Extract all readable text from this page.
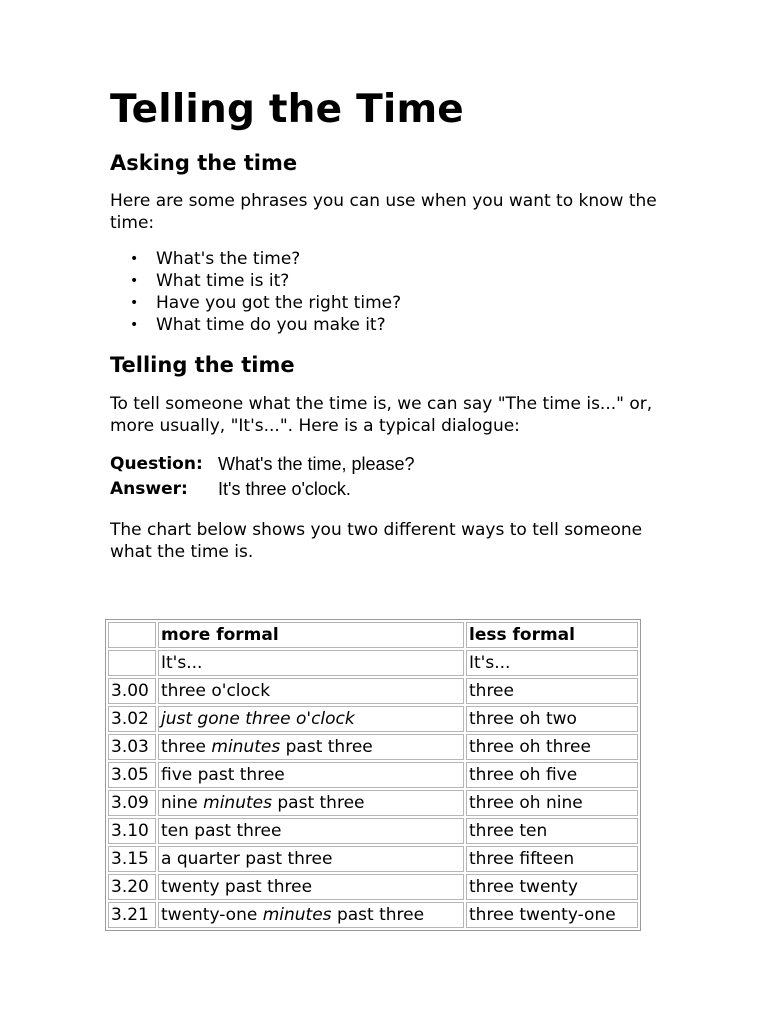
Telling the Time
Asking the time

Here are some phrases you can use when you want to know the time:

• What's the time?
• What time is it?
• Have you got the right time?
• What time do you make it?
Telling the time

To tell someone what the time is, we can say "The time is..." or, more usually, "It's...". Here is a typical dialogue:

Question: What's the time, please?
Answer:	It's three o'clock.

The chart below shows you two different ways to tell someone what the time is.

	more formal	less formal
	It's...	It's...
3.00	three o'clock	three
3.02	just gone three o'clock	three oh two
3.03	three minutes past three	three oh three
3.05	five past three	three oh five
3.09	nine minutes past three	three oh nine
3.10	ten past three	three ten
3.15	a quarter past three	three fifteen
3.20	twenty past three	three twenty
3.21	twenty-one minutes past three	three twenty-one
